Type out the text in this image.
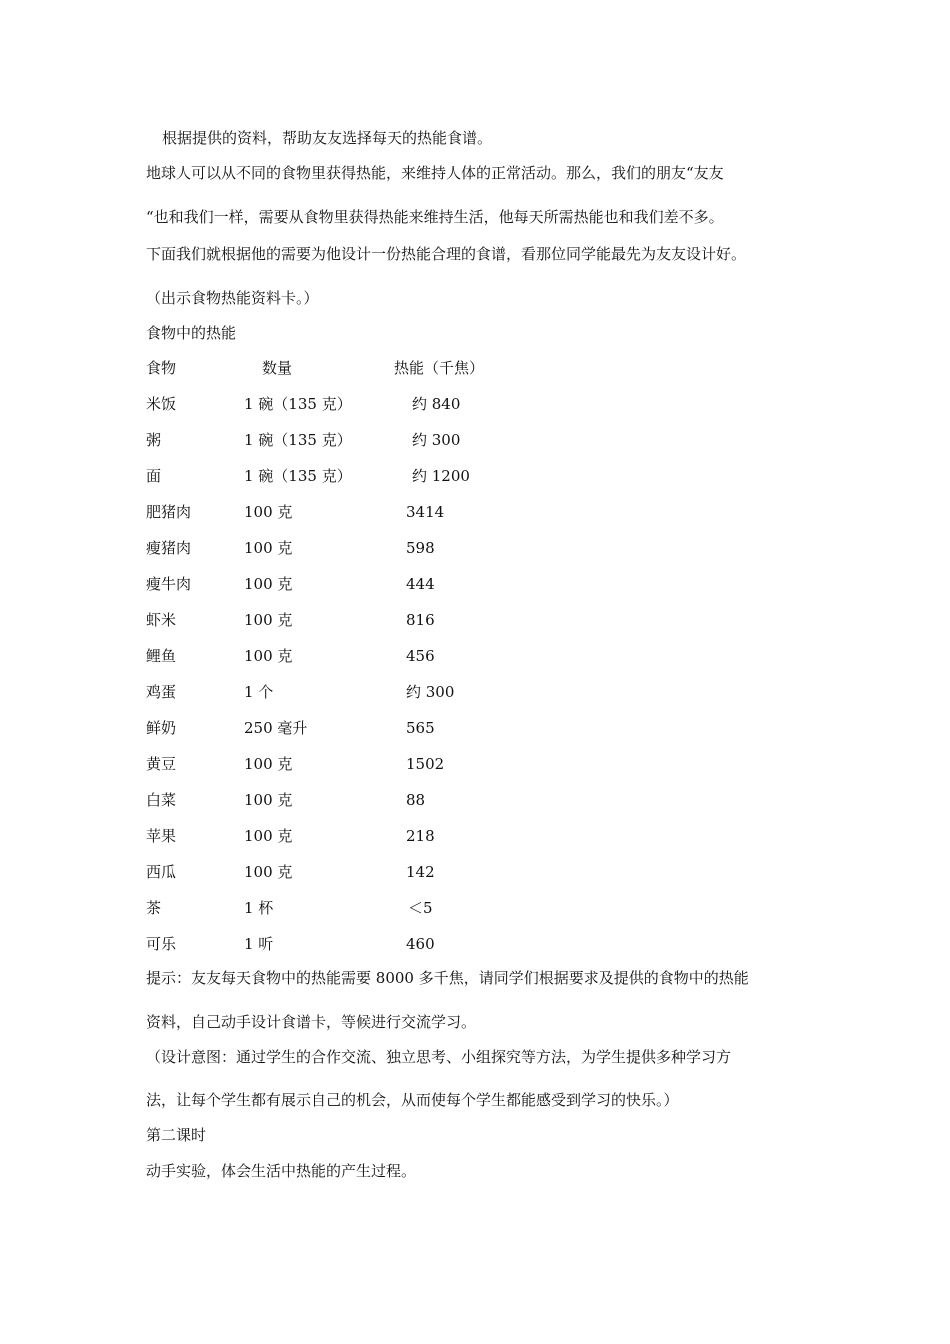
根据提供的资料，帮助友友选择每天的热能食谱。
地球人可以从不同的食物里获得热能，来维持人体的正常活动。那么，我们的朋友“友友
“也和我们一样，需要从食物里获得热能来维持生活，他每天所需热能也和我们差不多。
下面我们就根据他的需要为他设计一份热能合理的食谱，看那位同学能最先为友友设计好。
（出示食物热能资料卡。）
食物中的热能
食物	数量	热能（千焦）
米饭	1 碗（135 克）	约 840
粥	1 碗（135 克）	约 300
面	1 碗（135 克）	约 1200
肥猪肉	100 克	3414
瘦猪肉	100 克	598
瘦牛肉	100 克	444
虾米	100 克	816
鲤鱼	100 克	456
鸡蛋	1 个	约 300
鲜奶	250 毫升	565
黄豆	100 克	1502
白菜	100 克	88
苹果	100 克	218
西瓜	100 克	142
茶	1 杯	＜5
可乐	1 听	460
提示：友友每天食物中的热能需要 8000 多千焦，请同学们根据要求及提供的食物中的热能
资料，自己动手设计食谱卡，等候进行交流学习。
（设计意图：通过学生的合作交流、独立思考、小组探究等方法，为学生提供多种学习方
法，让每个学生都有展示自己的机会，从而使每个学生都能感受到学习的快乐。）
第二课时
动手实验，体会生活中热能的产生过程。
